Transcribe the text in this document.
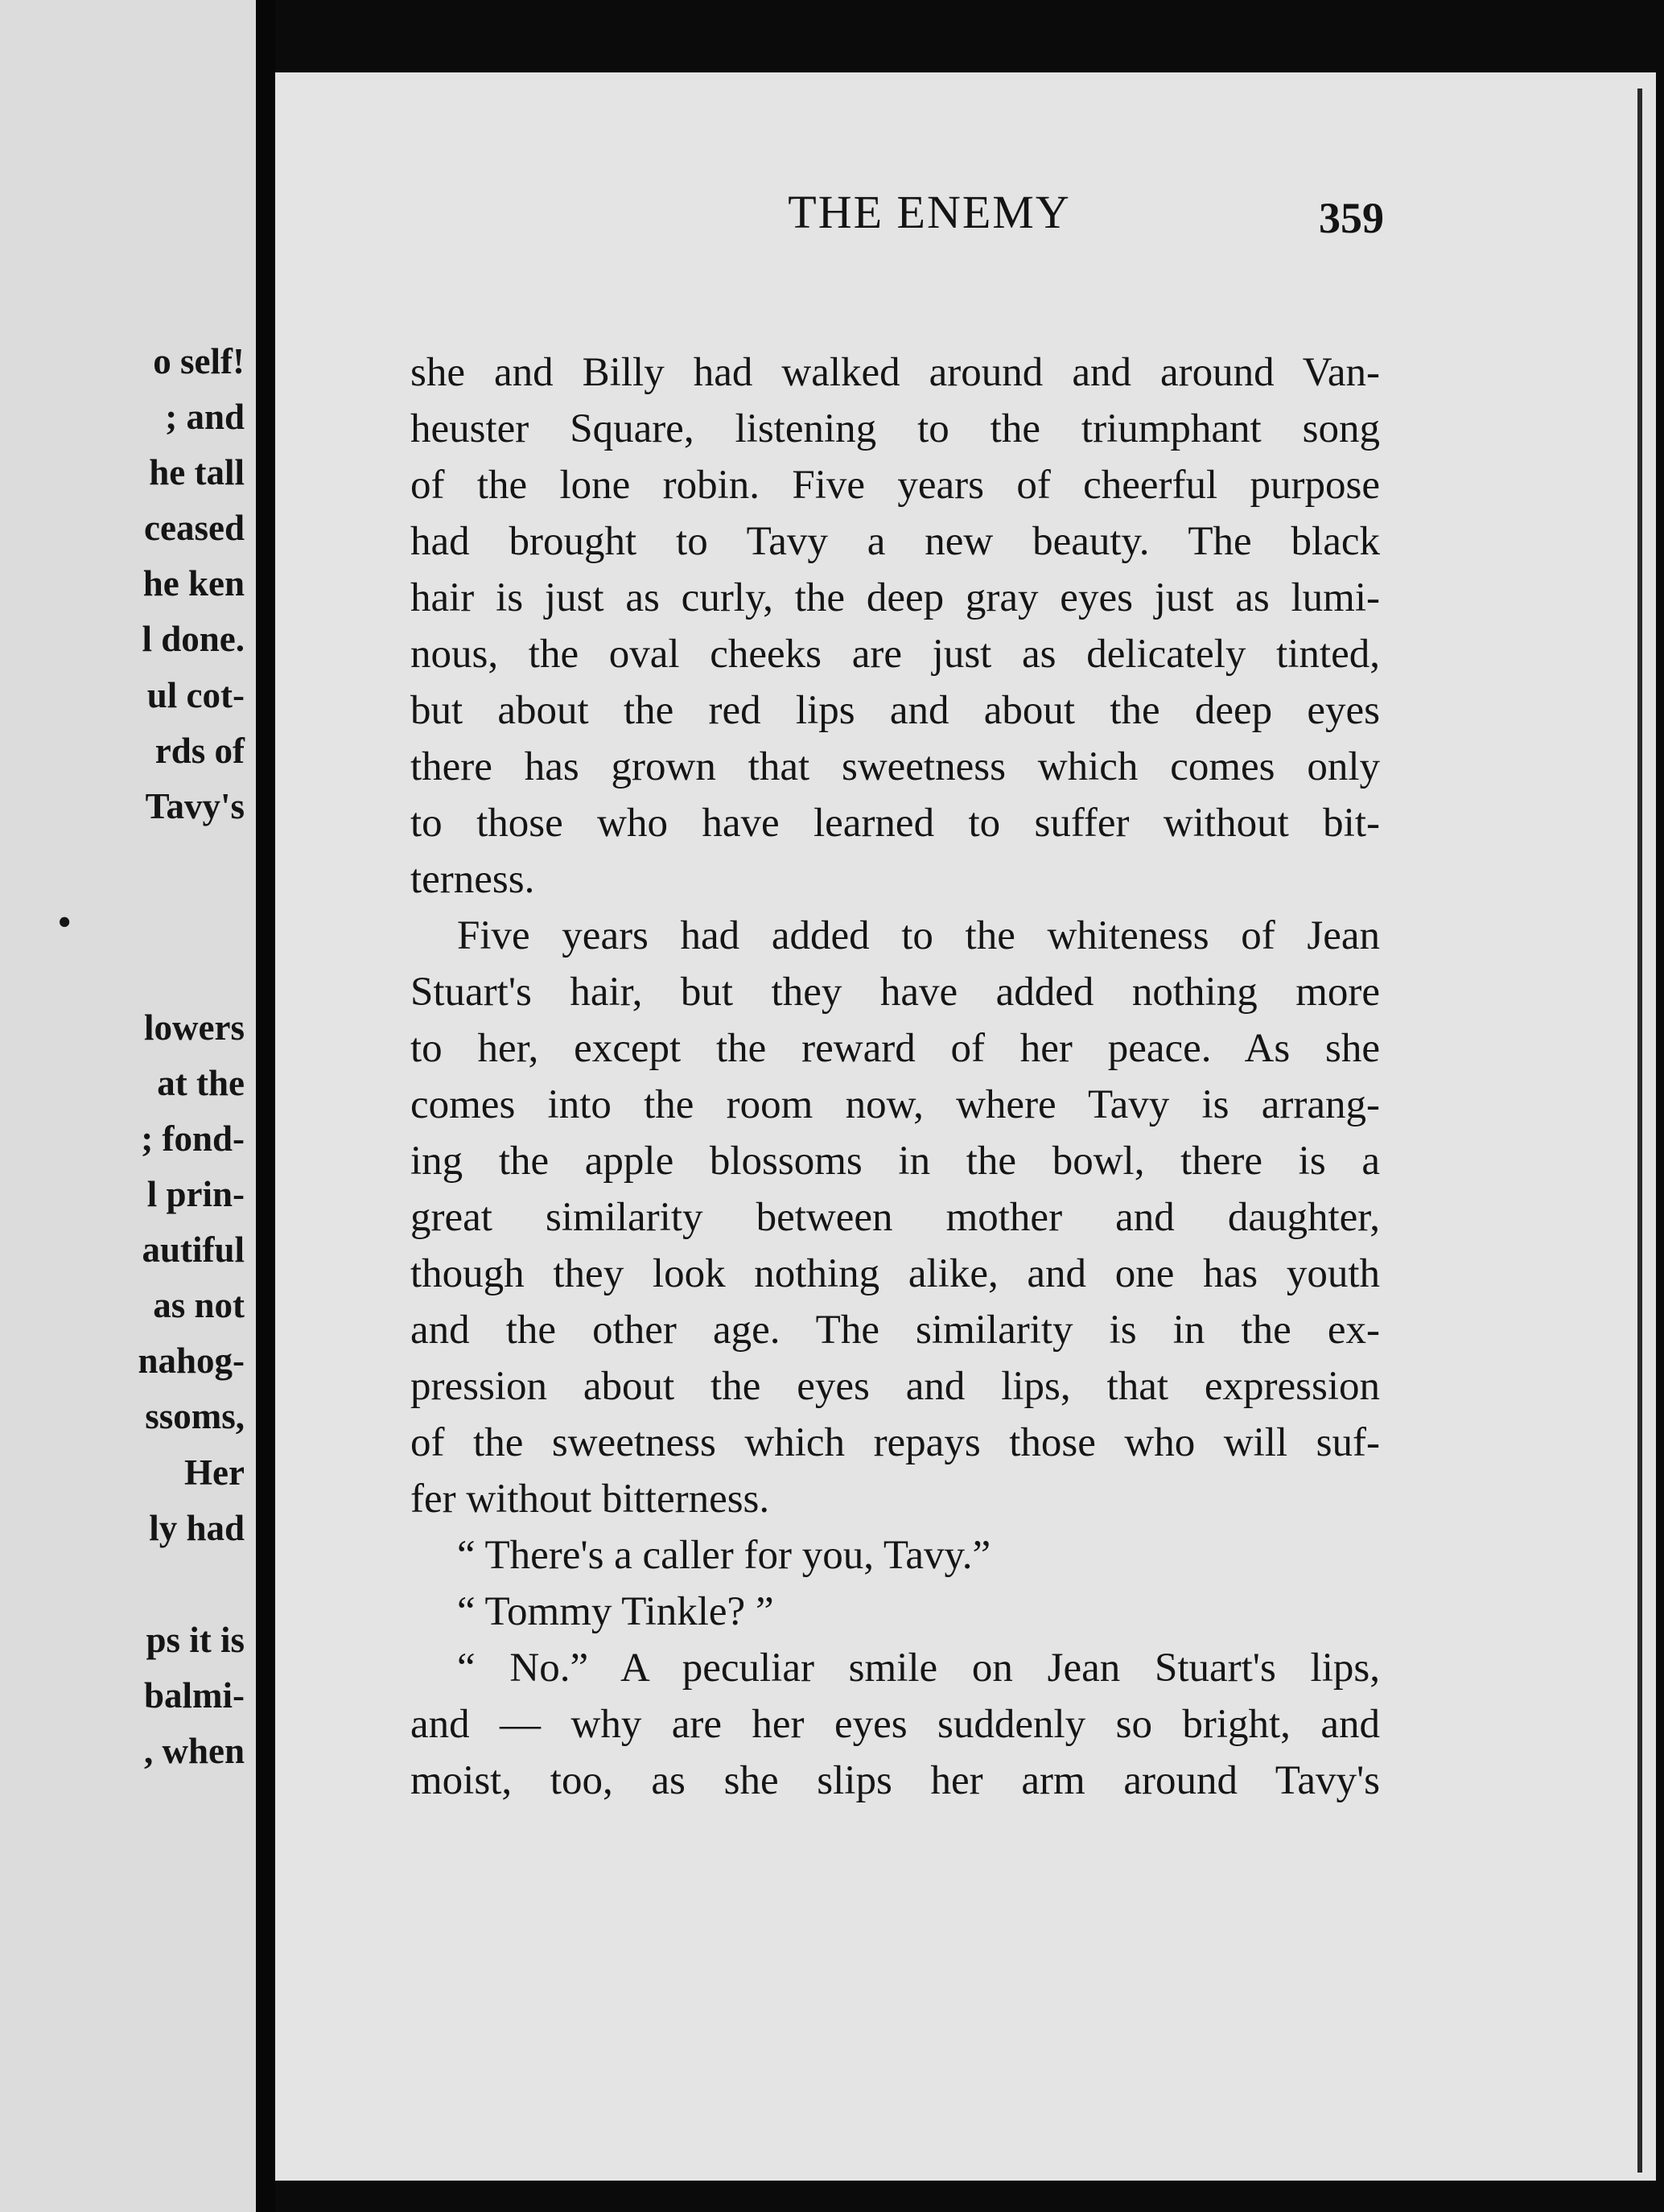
o self!
; and
he tall
ceased
he ken
l done.
ul cot-
rds of
Tavy's
•
lowers
at the
; fond-
l prin-
autiful
as not
nahog-
ssoms,
Her
ly had
ps it is
balmi-
, when
THE ENEMY	359
she and Billy had walked around and around Van-
heuster Square, listening to the triumphant song
of the lone robin. Five years of cheerful purpose
had brought to Tavy a new beauty. The black
hair is just as curly, the deep gray eyes just as lumi-
nous, the oval cheeks are just as delicately tinted,
but about the red lips and about the deep eyes
there has grown that sweetness which comes only
to those who have learned to suffer without bit-
terness.
Five years had added to the whiteness of Jean
Stuart's hair, but they have added nothing more
to her, except the reward of her peace. As she
comes into the room now, where Tavy is arrang-
ing the apple blossoms in the bowl, there is a
great similarity between mother and daughter,
though they look nothing alike, and one has youth
and the other age. The similarity is in the ex-
pression about the eyes and lips, that expression
of the sweetness which repays those who will suf-
fer without bitterness.
“ There's a caller for you, Tavy.”
“ Tommy Tinkle? ”
“ No.” A peculiar smile on Jean Stuart's lips,
and — why are her eyes suddenly so bright, and
moist, too, as she slips her arm around Tavy's
